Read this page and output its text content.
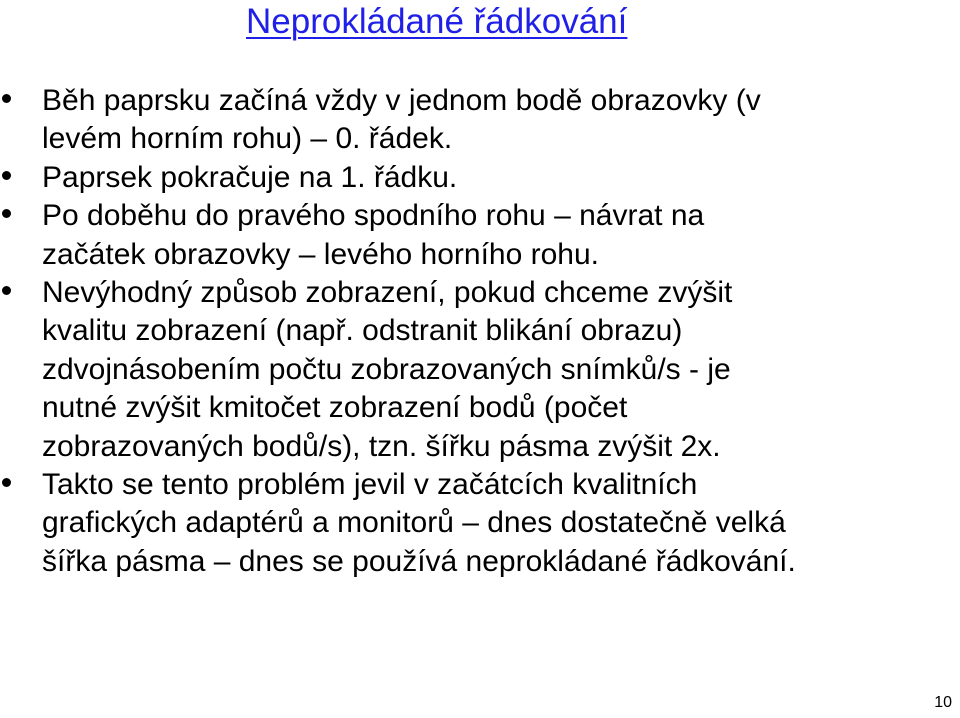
Neprokládané řádkování
Běh paprsku začíná vždy v jednom bodě obrazovky (v
levém horním rohu) – 0. řádek.
Paprsek pokračuje na 1. řádku.
Po doběhu do pravého spodního rohu – návrat na
začátek obrazovky – levého horního rohu.
Nevýhodný způsob zobrazení, pokud chceme zvýšit
kvalitu zobrazení (např. odstranit blikání obrazu)
zdvojnásobením počtu zobrazovaných snímků/s - je
nutné zvýšit kmitočet zobrazení bodů (počet
zobrazovaných bodů/s), tzn. šířku pásma zvýšit 2x.
Takto se tento problém jevil v začátcích kvalitních
grafických adaptérů a monitorů – dnes dostatečně velká
šířka pásma – dnes se používá neprokládané řádkování.
10
